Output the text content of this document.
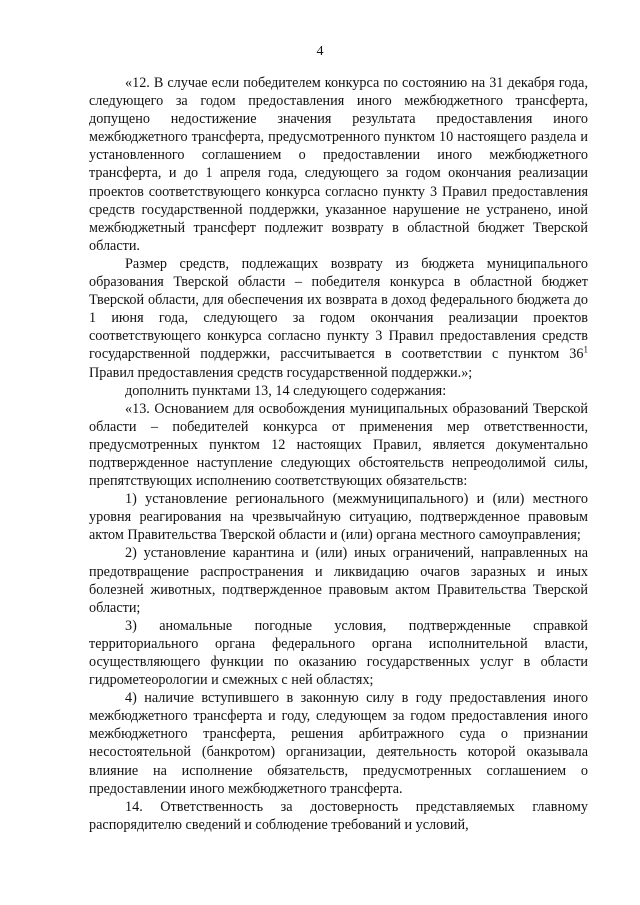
4

«12. В случае если победителем конкурса по состоянию на 31 декабря года, следующего за годом предоставления иного межбюджетного трансферта, допущено недостижение значения результата предоставления иного межбюджетного трансферта, предусмотренного пунктом 10 настоящего раздела и установленного соглашением о предоставлении иного межбюджетного трансферта, и до 1 апреля года, следующего за годом окончания реализации проектов соответствующего конкурса согласно пункту 3 Правил предоставления средств государственной поддержки, указанное нарушение не устранено, иной межбюджетный трансферт подлежит возврату в областной бюджет Тверской области.

Размер средств, подлежащих возврату из бюджета муниципального образования Тверской области – победителя конкурса в областной бюджет Тверской области, для обеспечения их возврата в доход федерального бюджета до 1 июня года, следующего за годом окончания реализации проектов соответствующего конкурса согласно пункту 3 Правил предоставления средств государственной поддержки, рассчитывается в соответствии с пунктом $36^1$ Правил предоставления средств государственной поддержки.»;

дополнить пунктами 13, 14 следующего содержания:

«13. Основанием для освобождения муниципальных образований Тверской области – победителей конкурса от применения мер ответственности, предусмотренных пунктом 12 настоящих Правил, является документально подтвержденное наступление следующих обстоятельств непреодолимой силы, препятствующих исполнению соответствующих обязательств:

1) установление регионального (межмуниципального) и (или) местного уровня реагирования на чрезвычайную ситуацию, подтвержденное правовым актом Правительства Тверской области и (или) органа местного самоуправления;

2) установление карантина и (или) иных ограничений, направленных на предотвращение распространения и ликвидацию очагов заразных и иных болезней животных, подтвержденное правовым актом Правительства Тверской области;

3) аномальные погодные условия, подтвержденные справкой территориального органа федерального органа исполнительной власти, осуществляющего функции по оказанию государственных услуг в области гидрометеорологии и смежных с ней областях;

4) наличие вступившего в законную силу в году предоставления иного межбюджетного трансферта и году, следующем за годом предоставления иного межбюджетного трансферта, решения арбитражного суда о признании несостоятельной (банкротом) организации, деятельность которой оказывала влияние на исполнение обязательств, предусмотренных соглашением о предоставлении иного межбюджетного трансферта.

14. Ответственность за достоверность представляемых главному распорядителю сведений и соблюдение требований и условий,
